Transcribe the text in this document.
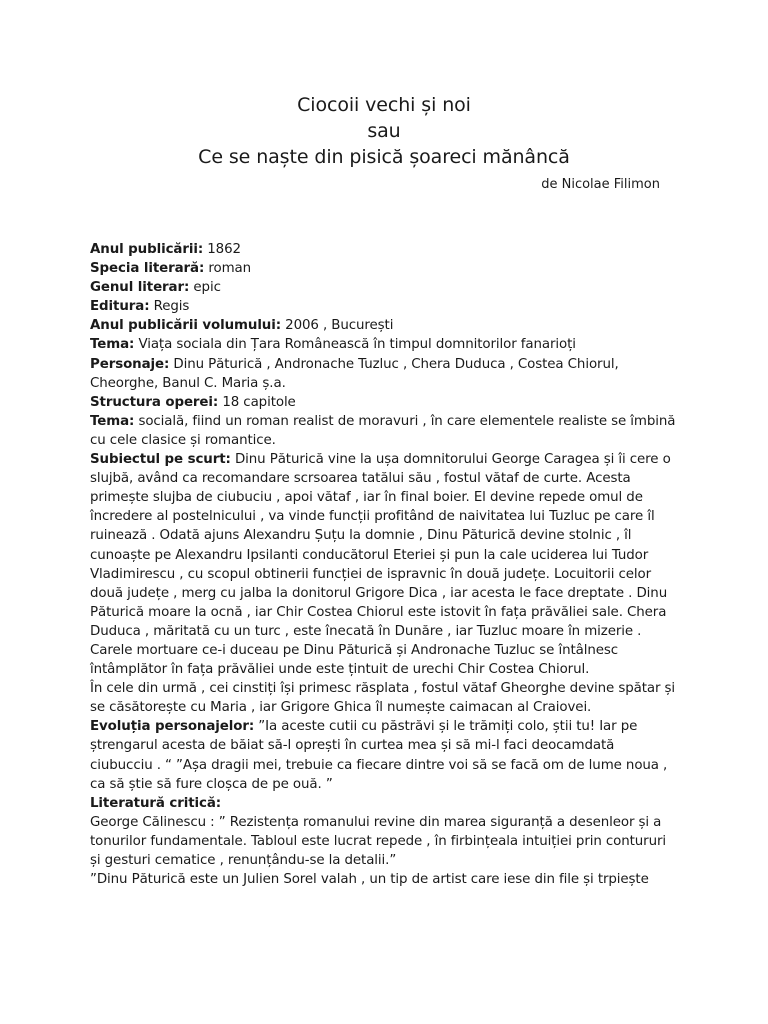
Ciocoii vechi și noi
sau
Ce se naște din pisică șoareci mănâncă
de Nicolae Filimon

Anul publicării: 1862

Specia literară: roman

Genul literar: epic

Editura: Regis

Anul publicării volumului: 2006 , București

Tema: Viața sociala din Țara Românească în timpul domnitorilor fanarioți

Personaje: Dinu Păturică , Andronache Tuzluc , Chera Duduca , Costea Chiorul, Cheorghe, Banul C. Maria ș.a.

Structura operei: 18 capitole

Tema: socială, fiind un roman realist de moravuri , în care elementele realiste se îmbină cu cele clasice și romantice.

Subiectul pe scurt: Dinu Păturică vine la ușa domnitorului George Caragea și îi cere o slujbă, având ca recomandare scrsoarea tatălui său , fostul vătaf de curte. Acesta primește slujba de ciubuciu , apoi vătaf , iar în final boier. El devine repede omul de încredere al postelnicului , va vinde funcții profitând de naivitatea lui Tuzluc pe care îl ruinează . Odată ajuns Alexandru Șuțu la domnie , Dinu Păturică devine stolnic , îl cunoaște pe Alexandru Ipsilanti conducătorul Eteriei și pun la cale uciderea lui Tudor Vladimirescu , cu scopul obtinerii funcției de ispravnic în două județe. Locuitorii celor două județe , merg cu jalba la donitorul Grigore Dica , iar acesta le face dreptate . Dinu Păturică moare la ocnă , iar Chir Costea Chiorul este istovit în fața prăvăliei sale. Chera Duduca , măritată cu un turc , este înecată în Dunăre , iar Tuzluc moare în mizerie . Carele mortuare ce-i duceau pe Dinu Păturică și Andronache Tuzluc se întâlnesc întâmplător în fața prăvăliei unde este țintuit de urechi Chir Costea Chiorul.

În cele din urmă , cei cinstiți își primesc răsplata , fostul vătaf Gheorghe devine spătar și se căsătorește cu Maria , iar Grigore Ghica îl numește caimacan al Craiovei.

Evoluția personajelor: ”Ia aceste cutii cu păstrăvi și le trămiți colo, știi tu! Iar pe ștrengarul acesta de băiat să-l oprești în curtea mea și să mi-l faci deocamdată ciubucciu . “ ”Așa dragii mei, trebuie ca fiecare dintre voi să se facă om de lume noua , ca să știe să fure cloșca de pe ouă. ”

Literatură critică:

George Călinescu : ” Rezistența romanului revine din marea siguranță a desenleor și a tonurilor fundamentale. Tabloul este lucrat repede , în firbințeala intuiției prin contururi și gesturi cematice , renunțându-se la detalii.”

”Dinu Păturică este un Julien Sorel valah , un tip de artist care iese din file și trpiește
